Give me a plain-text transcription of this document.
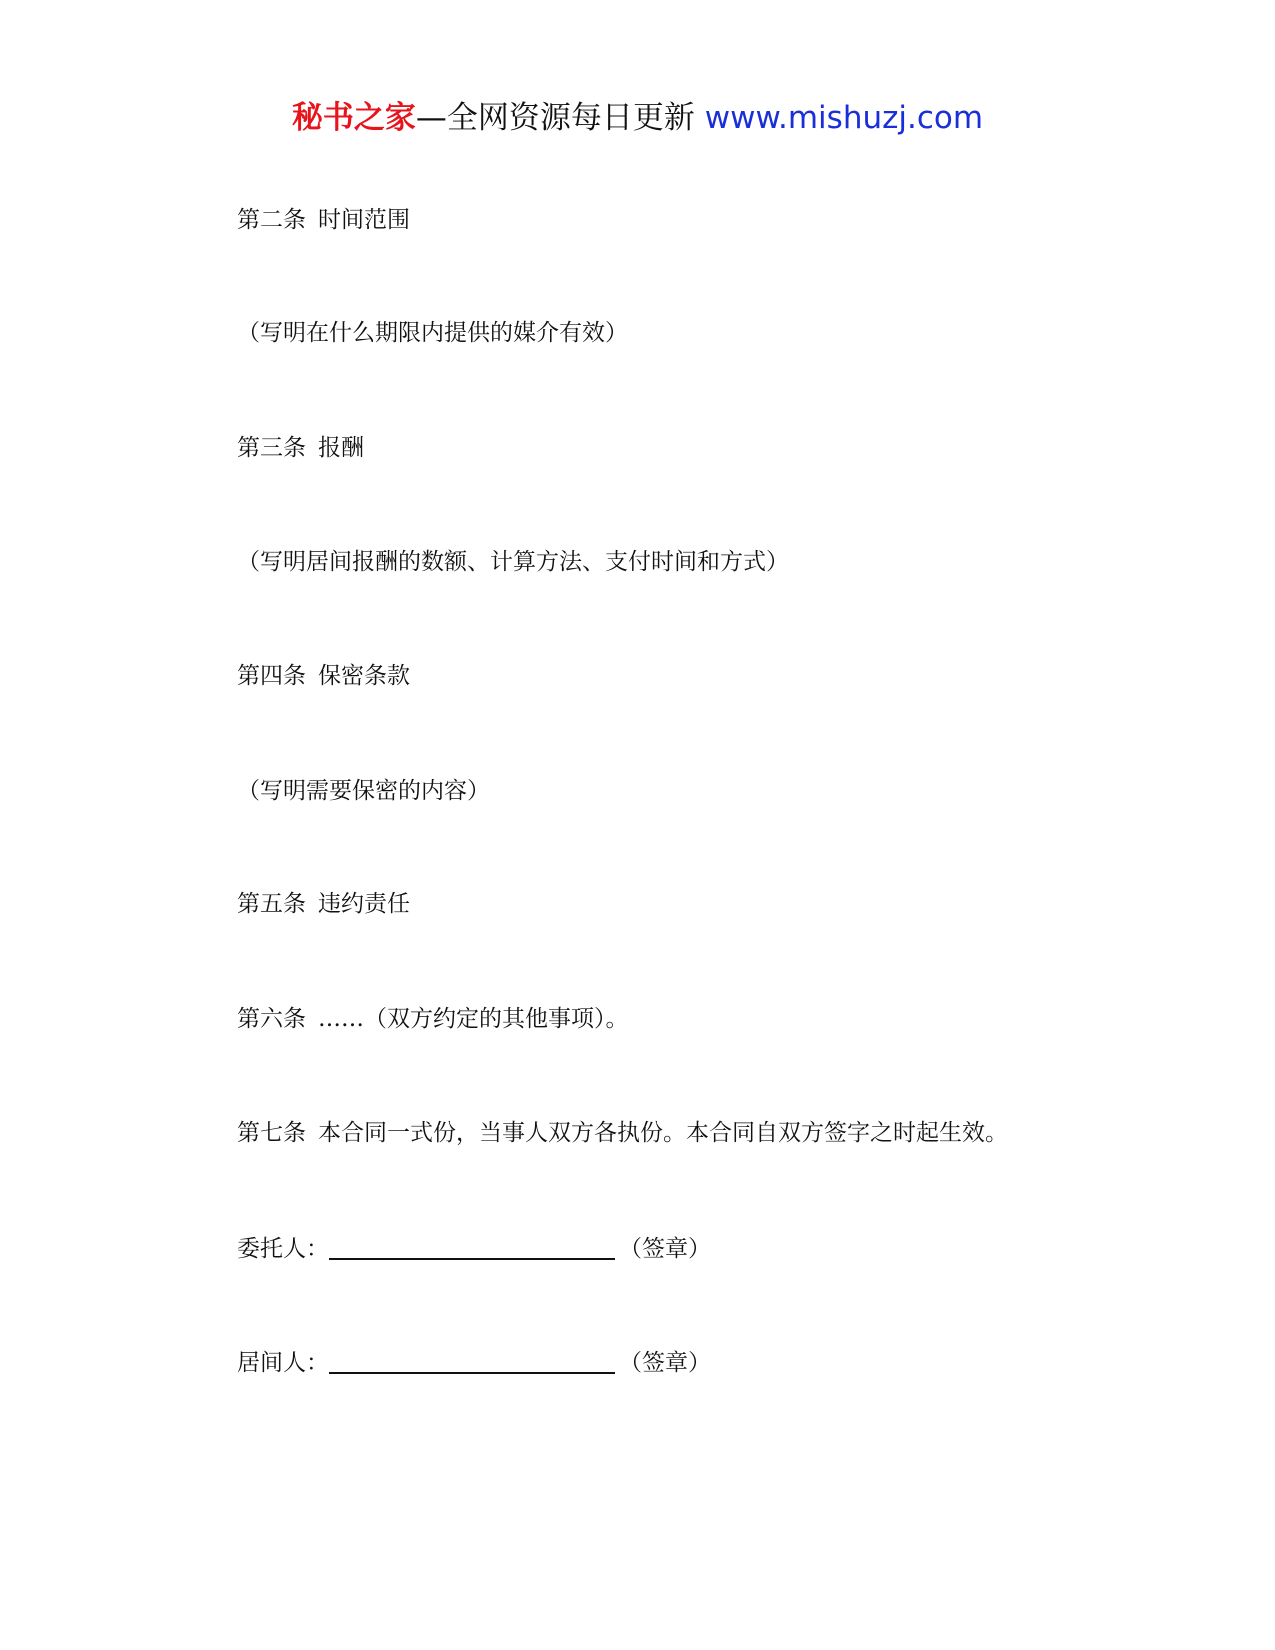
秘书之家—全网资源每日更新 www.mishuzj.com
第二条 时间范围
（写明在什么期限内提供的媒介有效）
第三条 报酬
（写明居间报酬的数额、计算方法、支付时间和方式）
第四条 保密条款
（写明需要保密的内容）
第五条 违约责任
第六条 ……（双方约定的其他事项）。
第七条 本合同一式份，当事人双方各执份。本合同自双方签字之时起生效。
委托人：	（签章）
居间人：	（签章）
